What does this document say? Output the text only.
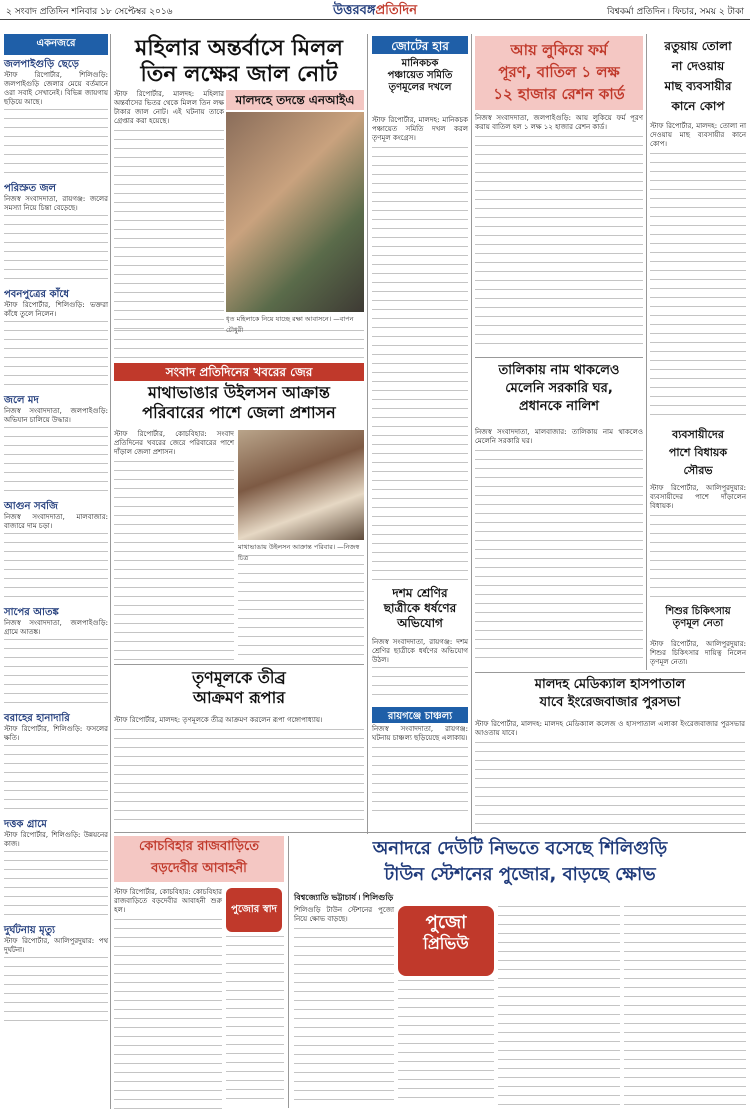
২ সংবাদ প্রতিদিন শনিবার ১৮ সেপ্টেম্বর ২০১৬	উত্তরবঙ্গপ্রতিদিন	বিশ্বকর্মা প্রতিদিন ৷ ফিচার, সময় ২ টাকা
একনজরে
জলপাইগুড়ি ছেড়ে
স্টাফ রিপোর্টার, শিলিগুড়ি: জলপাইগুড়ি জেলার মেয়ে বর্তমানে ওরা সবাই সেখানেই। বিভিন্ন জায়গায় ছড়িয়ে আছে।
পরিস্রুত জল
নিজস্ব সংবাদদাতা, রায়গঞ্জ: জলের সমস্যা নিয়ে চিন্তা বেড়েছে।
পবনপুত্রের কাঁধে
স্টাফ রিপোর্টার, শিলিগুড়ি: ভক্তরা কাঁধে তুলে নিলেন।
জলে মদ
নিজস্ব সংবাদদাতা, জলপাইগুড়ি: অভিযান চালিয়ে উদ্ধার।
আগুন সবজি
নিজস্ব সংবাদদাতা, মালবাজার: বাজারে দাম চড়া।
সাপের আতঙ্ক
নিজস্ব সংবাদদাতা, জলপাইগুড়ি: গ্রামে আতঙ্ক।
বরাহের হানাদারি
স্টাফ রিপোর্টার, শিলিগুড়ি: ফসলের ক্ষতি।
দত্তক গ্রামে
স্টাফ রিপোর্টার, শিলিগুড়ি: উন্নয়নের কাজ।
দুর্ঘটনায় মৃত্যু
স্টাফ রিপোর্টার, আলিপুরদুয়ার: পথ দুর্ঘটনা।
মহিলার অন্তর্বাসে মিলল
তিন লক্ষের জাল নোট
স্টাফ রিপোর্টার, মালদহ: মহিলার অন্তর্বাসের ভিতর থেকে মিলল তিন লক্ষ টাকার জাল নোট। এই ঘটনায় তাকে গ্রেপ্তার করা হয়েছে।
মালদহে তদন্তে এনআইএ
ধৃত মহিলাকে নিয়ে যাচ্ছে রক্ষা আবাসনে। —বাপন চৌধুরী
সংবাদ প্রতিদিনের খবরের জের
মাথাভাঙার উইলসন আক্রান্ত
পরিবারের পাশে জেলা প্রশাসন
স্টাফ রিপোর্টার, কোচবিহার: সংবাদ প্রতিদিনের খবরের জেরে পরিবারের পাশে দাঁড়াল জেলা প্রশাসন।
মাথাভাঙায় উইলসন আক্রান্ত পরিবার। —নিজস্ব চিত্র
তৃণমূলকে তীব্র
আক্রমণ রূপার
স্টাফ রিপোর্টার, মালদহ: তৃণমূলকে তীব্র আক্রমণ করলেন রূপা গঙ্গোপাধ্যায়।
জোটের হার
মানিকচক
পঞ্চায়েত সমিতি
তৃণমূলের দখলে
স্টাফ রিপোর্টার, মালদহ: মানিকচক পঞ্চায়েত সমিতি দখল করল তৃণমূল কংগ্রেস।
দশম শ্রেণির
ছাত্রীকে ধর্ষণের
অভিযোগ
নিজস্ব সংবাদদাতা, রায়গঞ্জ: দশম শ্রেণির ছাত্রীকে ধর্ষণের অভিযোগ উঠল।
রায়গঞ্জে চাঞ্চল্য
নিজস্ব সংবাদদাতা, রায়গঞ্জ: ঘটনায় চাঞ্চল্য ছড়িয়েছে এলাকায়।
আয় লুকিয়ে ফর্ম
পূরণ, বাতিল ১ লক্ষ
১২ হাজার রেশন কার্ড
নিজস্ব সংবাদদাতা, জলপাইগুড়ি: আয় লুকিয়ে ফর্ম পূরণ করায় বাতিল হল ১ লক্ষ ১২ হাজার রেশন কার্ড।
তালিকায় নাম থাকলেও
মেলেনি সরকারি ঘর,
প্রধানকে নালিশ
নিজস্ব সংবাদদাতা, মালবাজার: তালিকায় নাম থাকলেও মেলেনি সরকারি ঘর।
মালদহ মেডিক্যাল হাসপাতাল
যাবে ইংরেজবাজার পুরসভা
স্টাফ রিপোর্টার, মালদহ: মালদহ মেডিক্যাল কলেজ ও হাসপাতাল এলাকা ইংরেজবাজার পুরসভার আওতায় যাবে।
রতুয়ায় তোলা
না দেওয়ায়
মাছ ব্যবসায়ীর
কানে কোপ
স্টাফ রিপোর্টার, মালদহ: তোলা না দেওয়ায় মাছ ব্যবসায়ীর কানে কোপ।
ব্যবসায়ীদের
পাশে বিধায়ক
সৌরভ
স্টাফ রিপোর্টার, আলিপুরদুয়ার: ব্যবসায়ীদের পাশে দাঁড়ালেন বিধায়ক।
শিশুর চিকিৎসায়
তৃণমূল নেতা
স্টাফ রিপোর্টার, আলিপুরদুয়ার: শিশুর চিকিৎসার দায়িত্ব নিলেন তৃণমূল নেতা।
কোচবিহার রাজবাড়িতে
বড়দেবীর আবাহনী
পুজোর স্বাদ
স্টাফ রিপোর্টার, কোচবিহার: কোচবিহার রাজবাড়িতে বড়দেবীর আবাহনী শুরু হল।
অনাদরে দেউটি নিভতে বসেছে শিলিগুড়ি
টাউন স্টেশনের পুজোর, বাড়ছে ক্ষোভ
বিশ্বজ্যোতি ভট্টাচার্য ৷ শিলিগুড়ি
শিলিগুড়ি টাউন স্টেশনের পুজো নিয়ে ক্ষোভ বাড়ছে।	পুজো
প্রিভিউ
